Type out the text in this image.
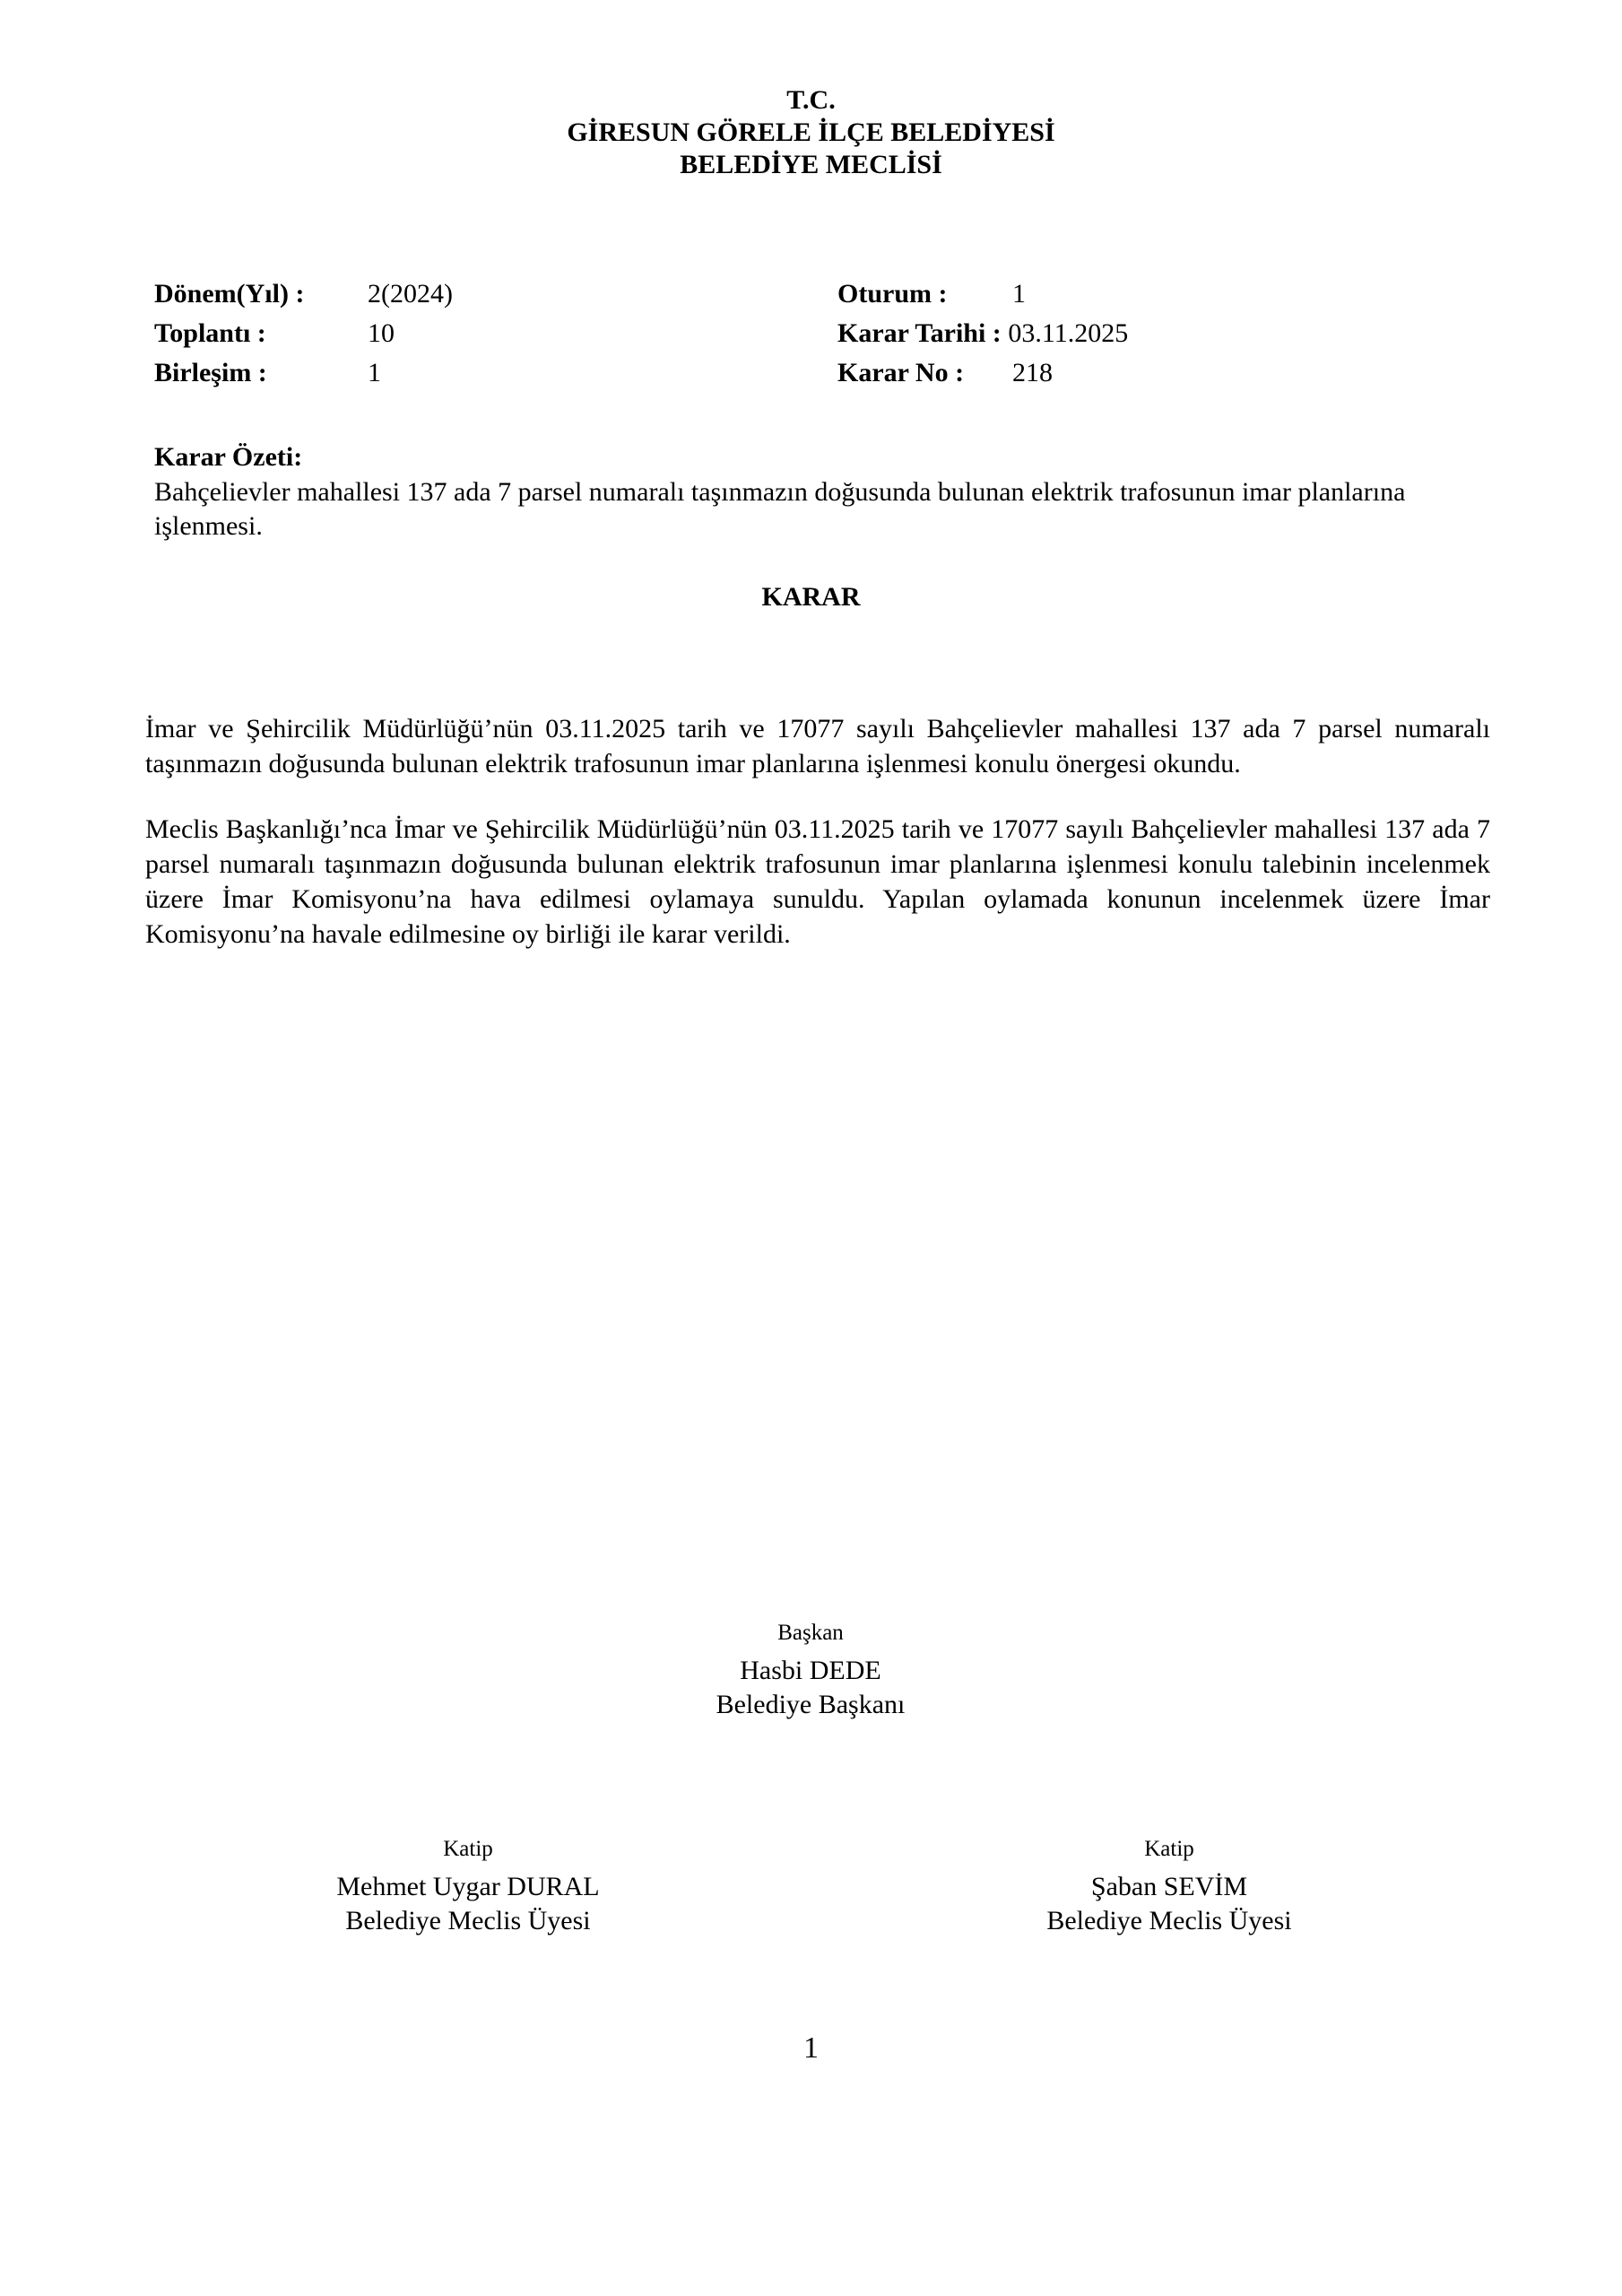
T.C.
GİRESUN GÖRELE İLÇE BELEDİYESİ
BELEDİYE MECLİSİ
Dönem(Yıl) : 2(2024)
Toplantı :	10
Birleşim :	1
Oturum : 1
Karar Tarihi : 03.11.2025
Karar No : 218
Karar Özeti:
Bahçelievler mahallesi 137 ada 7 parsel numaralı taşınmazın doğusunda bulunan elektrik trafosunun imar planlarına işlenmesi.
KARAR
İmar ve Şehircilik Müdürlüğü’nün 03.11.2025 tarih ve 17077 sayılı Bahçelievler mahallesi 137 ada 7 parsel numaralı taşınmazın doğusunda bulunan elektrik trafosunun imar planlarına işlenmesi konulu önergesi okundu.
Meclis Başkanlığı’nca İmar ve Şehircilik Müdürlüğü’nün 03.11.2025 tarih ve 17077 sayılı Bahçelievler mahallesi 137 ada 7 parsel numaralı taşınmazın doğusunda bulunan elektrik trafosunun imar planlarına işlenmesi konulu talebinin incelenmek üzere İmar Komisyonu’na hava edilmesi oylamaya sunuldu. Yapılan oylamada konunun incelenmek üzere İmar Komisyonu’na havale edilmesine oy birliği ile karar verildi.
Başkan
Hasbi DEDE
Belediye Başkanı
Katip
Mehmet Uygar DURAL
Belediye Meclis Üyesi
Katip
Şaban SEVİM
Belediye Meclis Üyesi
1
